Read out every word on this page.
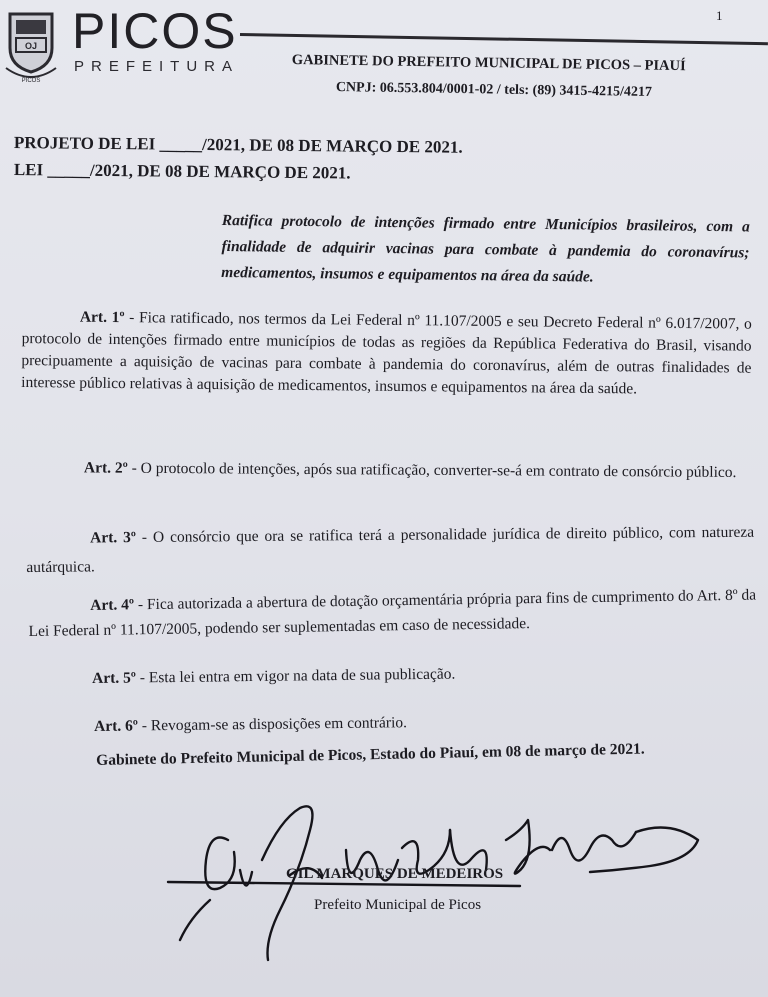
OJ
PICOS
PICOS
PREFEITURA
1
GABINETE DO PREFEITO MUNICIPAL DE PICOS – PIAUÍ
CNPJ: 06.553.804/0001-02 / tels: (89) 3415-4215/4217
PROJETO DE LEI _____/2021, DE 08 DE MARÇO DE 2021.
LEI _____/2021, DE 08 DE MARÇO DE 2021.
Ratifica protocolo de intenções firmado entre Municípios brasileiros, com a finalidade de adquirir vacinas para combate à pandemia do coronavírus; medicamentos, insumos e equipamentos na área da saúde.
Art. 1º - Fica ratificado, nos termos da Lei Federal nº 11.107/2005 e seu Decreto Federal nº 6.017/2007, o protocolo de intenções firmado entre municípios de todas as regiões da República Federativa do Brasil, visando precipuamente a aquisição de vacinas para combate à pandemia do coronavírus, além de outras finalidades de interesse público relativas à aquisição de medicamentos, insumos e equipamentos na área da saúde.
Art. 2º - O protocolo de intenções, após sua ratificação, converter-se-á em contrato de consórcio público.
Art. 3º - O consórcio que ora se ratifica terá a personalidade jurídica de direito público, com natureza autárquica.
Art. 4º - Fica autorizada a abertura de dotação orçamentária própria para fins de cumprimento do Art. 8º da Lei Federal nº 11.107/2005, podendo ser suplementadas em caso de necessidade.
Art. 5º - Esta lei entra em vigor na data de sua publicação.
Art. 6º - Revogam-se as disposições em contrário.
Gabinete do Prefeito Municipal de Picos, Estado do Piauí, em 08 de março de 2021.
GIL MARQUES DE MEDEIROS
Prefeito Municipal de Picos
